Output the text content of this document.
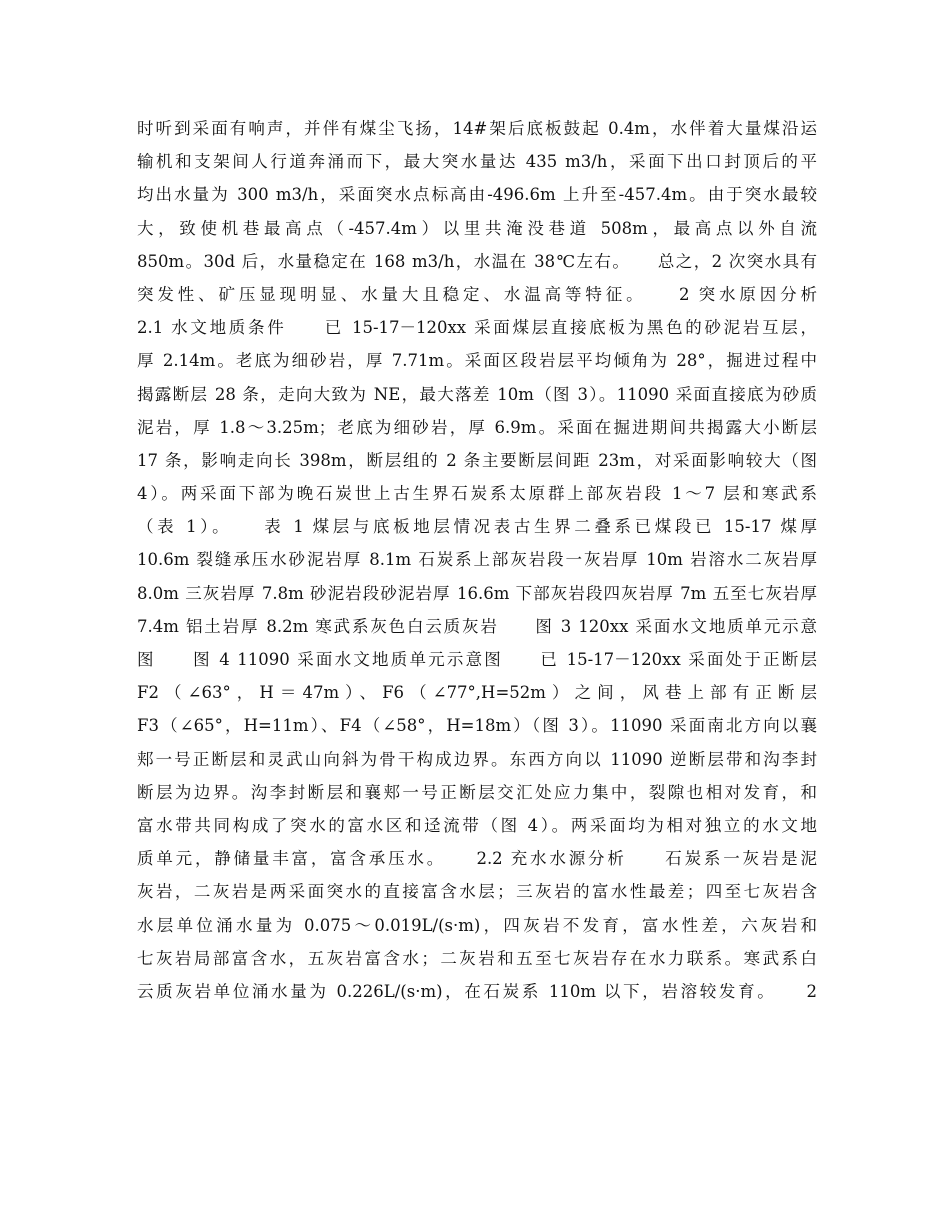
时听到采面有响声，并伴有煤尘飞扬，14#架后底板鼓起 0.4m，水伴着大量煤沿运
输机和支架间人行道奔涌而下，最大突水量达 435 m3/h，采面下出口封顶后的平
均出水量为 300 m3/h，采面突水点标高由-496.6m 上升至-457.4m。由于突水最较
大，致使机巷最高点（-457.4m）以里共淹没巷道 508m，最高点以外自流
850m。30d 后，水量稳定在 168 m3/h，水温在 38℃左右。　　总之，2 次突水具有
突发性、矿压显现明显、水量大且稳定、水温高等特征。　　2 突水原因分析
2.1 水文地质条件　　已 15-17－120xx 采面煤层直接底板为黑色的砂泥岩互层，
厚 2.14m。老底为细砂岩，厚 7.71m。采面区段岩层平均倾角为 28°，掘进过程中
揭露断层 28 条，走向大致为 NE，最大落差 10m（图 3）。11090 采面直接底为砂质
泥岩，厚 1.8～3.25m；老底为细砂岩，厚 6.9m。采面在掘进期间共揭露大小断层
17 条，影响走向长 398m，断层组的 2 条主要断层间距 23m，对采面影响较大（图
4）。两采面下部为晚石炭世上古生界石炭系太原群上部灰岩段 1～7 层和寒武系
（表 1）。　　表 1 煤层与底板地层情况表古生界二叠系已煤段已 15-17 煤厚
10.6m 裂缝承压水砂泥岩厚 8.1m 石炭系上部灰岩段一灰岩厚 10m 岩溶水二灰岩厚
8.0m 三灰岩厚 7.8m 砂泥岩段砂泥岩厚 16.6m 下部灰岩段四灰岩厚 7m 五至七灰岩厚
7.4m 铝土岩厚 8.2m 寒武系灰色白云质灰岩　　图 3 120xx 采面水文地质单元示意
图　　图 4 11090 采面水文地质单元示意图　　已 15-17－120xx 采面处于正断层
F2（∠63°，H＝47m）、F6（∠77°,H=52m）之间，风巷上部有正断层
F3（∠65°，H=11m）、F4（∠58°，H=18m）（图 3）。11090 采面南北方向以襄
郏一号正断层和灵武山向斜为骨干构成边界。东西方向以 11090 逆断层带和沟李封
断层为边界。沟李封断层和襄郏一号正断层交汇处应力集中，裂隙也相对发育，和
富水带共同构成了突水的富水区和迳流带（图 4）。两采面均为相对独立的水文地
质单元，静储量丰富，富含承压水。　　2.2 充水水源分析　　石炭系一灰岩是泥
灰岩，二灰岩是两采面突水的直接富含水层；三灰岩的富水性最差；四至七灰岩含
水层单位涌水量为 0.075～0.019L/(s·m)，四灰岩不发育，富水性差，六灰岩和
七灰岩局部富含水，五灰岩富含水；二灰岩和五至七灰岩存在水力联系。寒武系白
云质灰岩单位涌水量为 0.226L/(s·m)，在石炭系 110m 以下，岩溶较发育。　　2
